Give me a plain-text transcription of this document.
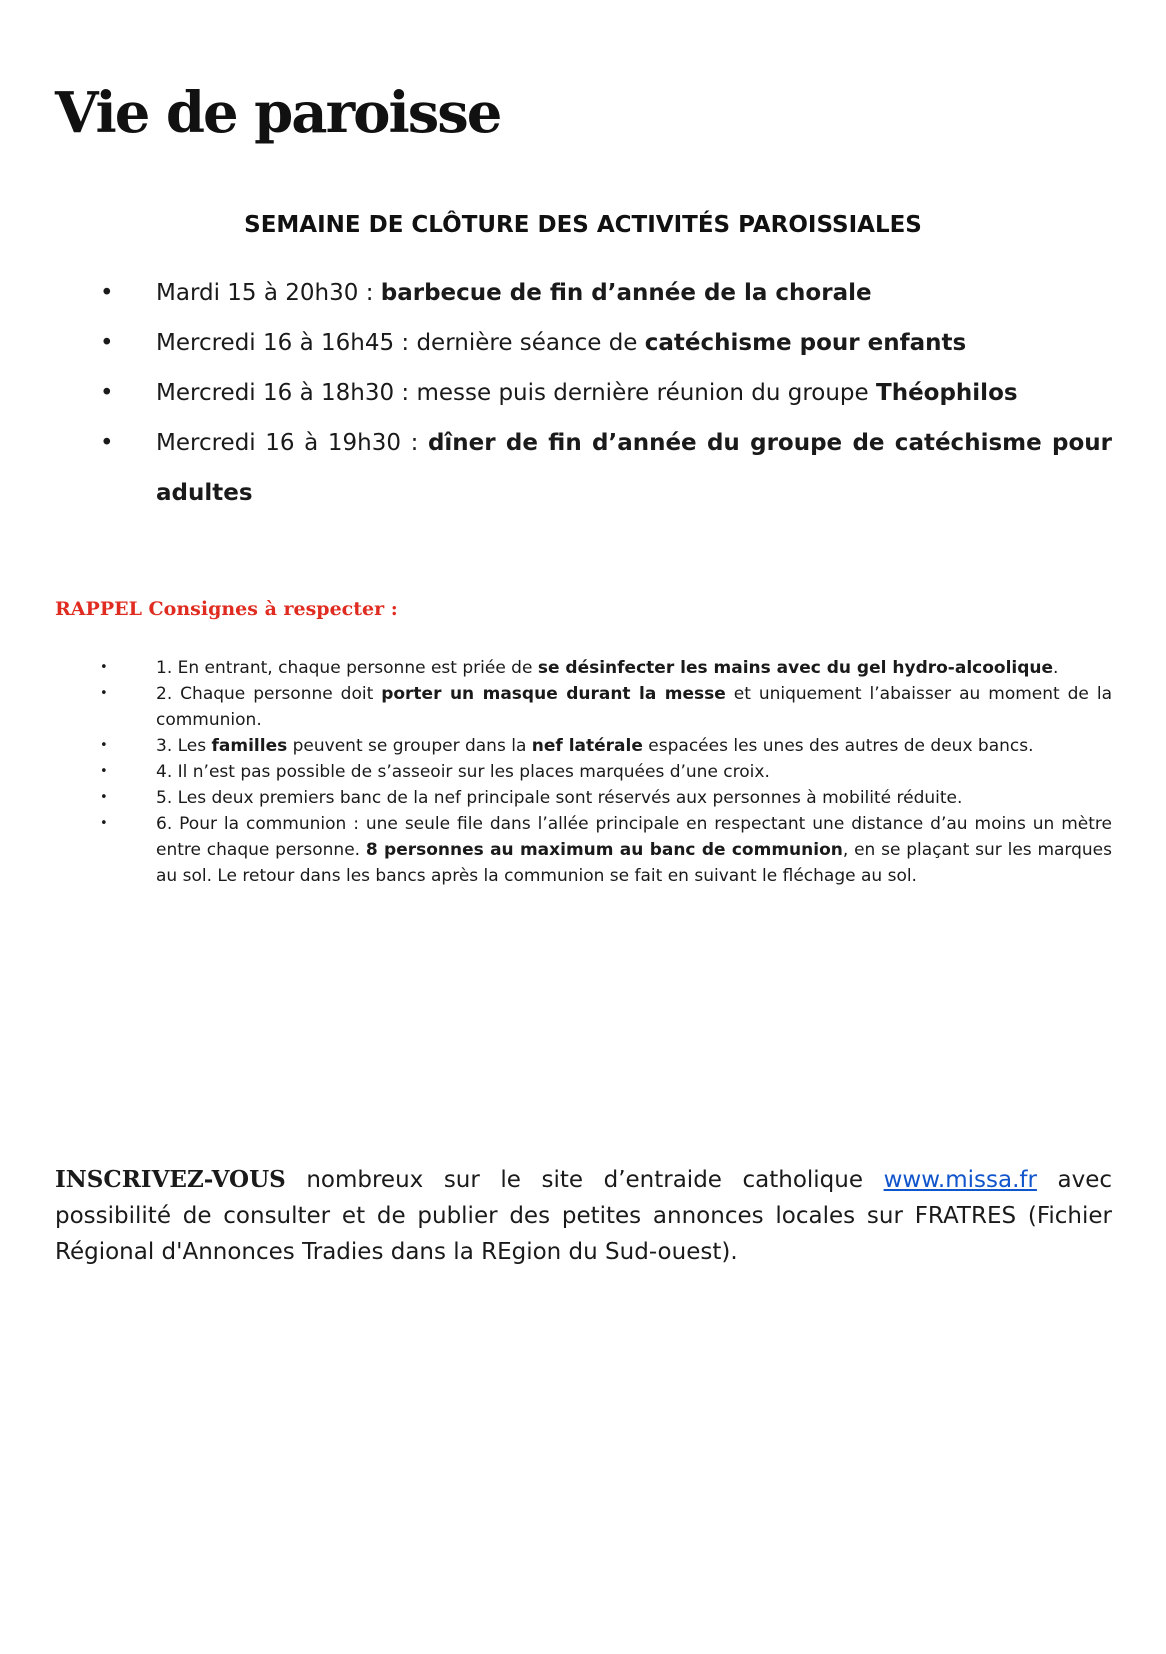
Vie de paroisse
SEMAINE DE CLÔTURE DES ACTIVITÉS PAROISSIALES
• Mardi 15 à 20h30 : barbecue de fin d’année de la chorale
• Mercredi 16 à 16h45 : dernière séance de catéchisme pour enfants
• Mercredi 16 à 18h30 : messe puis dernière réunion du groupe Théophilos
• Mercredi 16 à 19h30 : dîner de fin d’année du groupe de catéchisme pour adultes

RAPPEL Consignes à respecter :

•	1. En entrant, chaque personne est priée de se désinfecter les mains avec du gel hydro-alcoolique.
•	2. Chaque personne doit porter un masque durant la messe et uniquement l’abaisser au moment de la communion.
•	3. Les familles peuvent se grouper dans la nef latérale espacées les unes des autres de deux bancs.
•	4. Il n’est pas possible de s’asseoir sur les places marquées d’une croix.
•	5. Les deux premiers banc de la nef principale sont réservés aux personnes à mobilité réduite.
•	6. Pour la communion : une seule file dans l’allée principale en respectant une distance d’au moins un mètre entre chaque personne. 8 personnes au maximum au banc de communion, en se plaçant sur les marques au sol. Le retour dans les bancs après la communion se fait en suivant le fléchage au sol.

INSCRIVEZ-VOUS nombreux sur le site d’entraide catholique www.missa.fr avec possibilité de consulter et de publier des petites annonces locales sur FRATRES (Fichier Régional d'Annonces Tradies dans la REgion du Sud-ouest).
